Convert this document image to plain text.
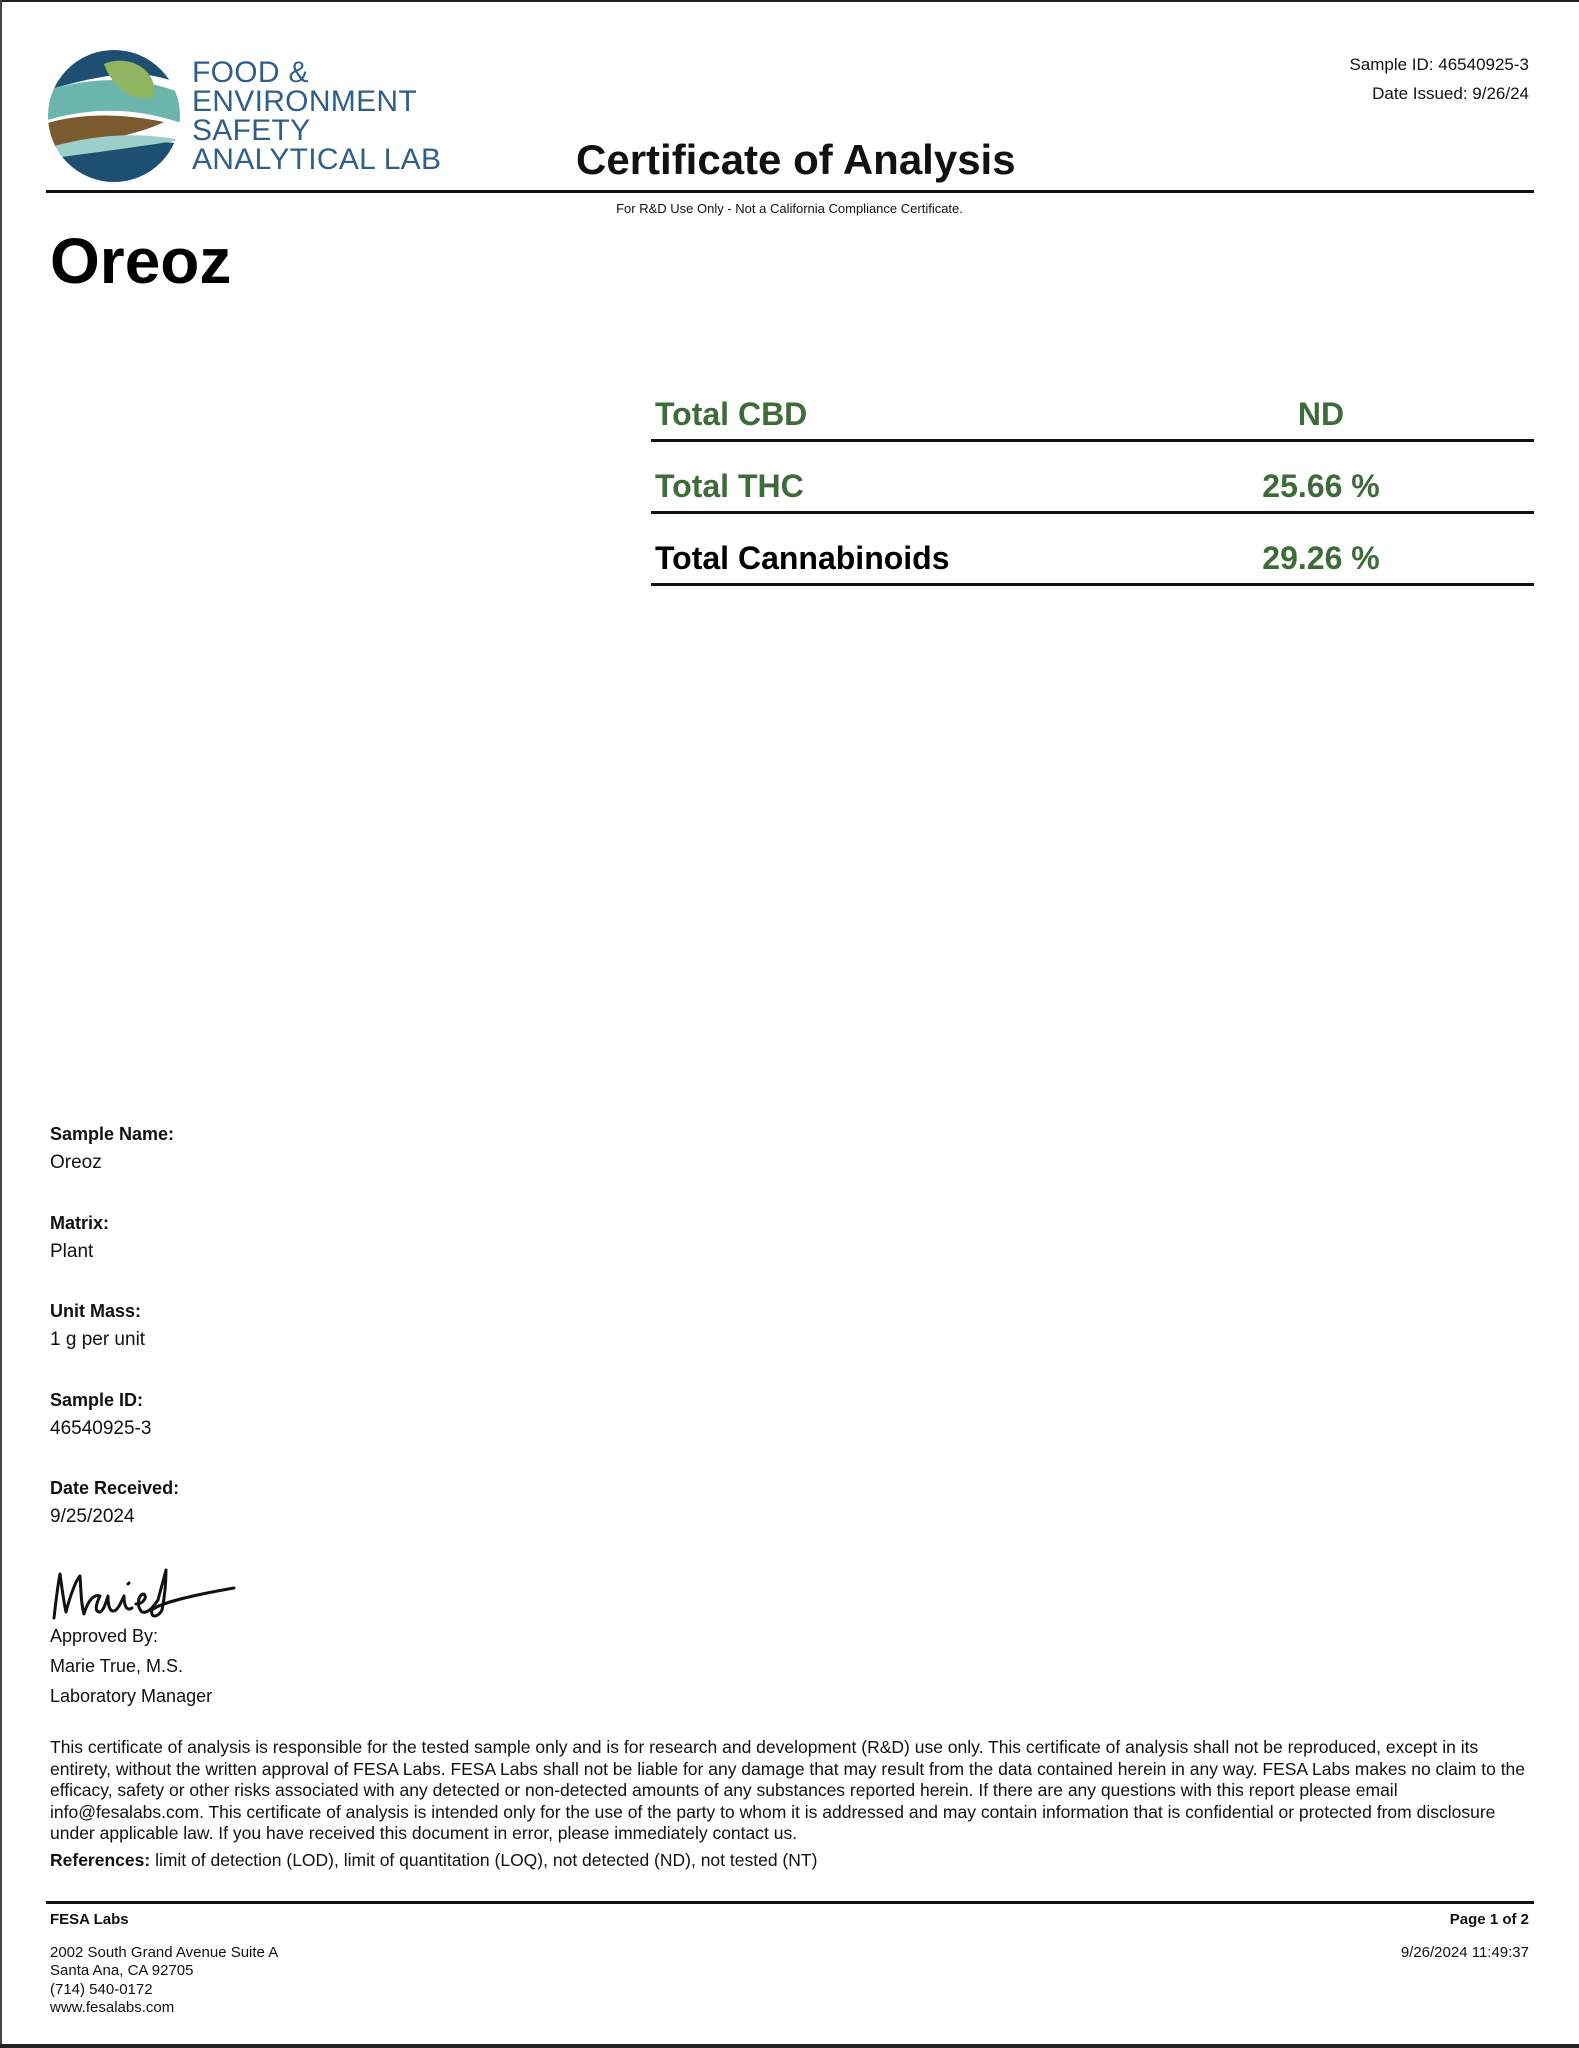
FOOD &
ENVIRONMENT
SAFETY
ANALYTICAL LAB
Sample ID: 46540925-3
Date Issued: 9/26/24
Certificate of Analysis
For R&D Use Only - Not a California Compliance Certificate.
Oreoz
Total CBD	ND
Total THC	25.66 %
Total Cannabinoids	29.26 %
Sample Name:
Oreoz
Matrix:
Plant
Unit Mass:
1 g per unit
Sample ID:
46540925-3
Date Received:
9/25/2024
Approved By:
Marie True, M.S.
Laboratory Manager
This certificate of analysis is responsible for the tested sample only and is for research and development (R&D) use only. This certificate of analysis shall not be reproduced, except in its entirety, without the written approval of FESA Labs. FESA Labs shall not be liable for any damage that may result from the data contained herein in any way. FESA Labs makes no claim to the efficacy, safety or other risks associated with any detected or non-detected amounts of any substances reported herein. If there are any questions with this report please email info@fesalabs.com. This certificate of analysis is intended only for the use of the party to whom it is addressed and may contain information that is confidential or protected from disclosure under applicable law. If you have received this document in error, please immediately contact us.
References: limit of detection (LOD), limit of quantitation (LOQ), not detected (ND), not tested (NT)
FESA Labs
2002 South Grand Avenue Suite A
Santa Ana, CA 92705
(714) 540-0172
www.fesalabs.com
Page 1 of 2
9/26/2024 11:49:37
